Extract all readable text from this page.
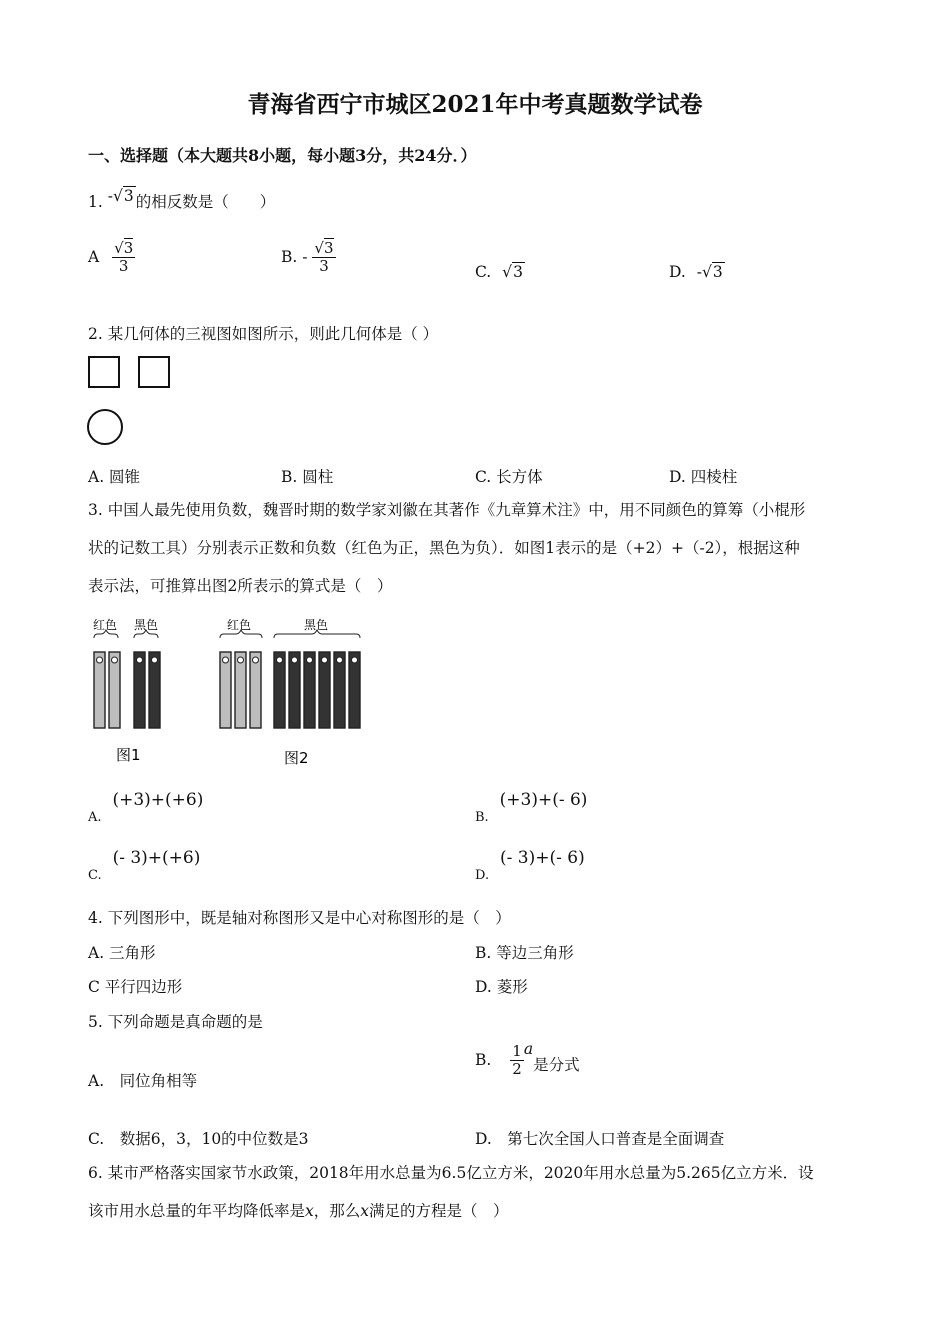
青海省西宁市城区2021年中考真题数学试卷
一、选择题（本大题共8小题，每小题3分，共24分．）
1. -√3 的相反数是（　　）
A $\frac{√3}{3}$	B. - $\frac{√3}{3}$	C. √3	D. -√3
2. 某几何体的三视图如图所示，则此几何体是（ ）
A. 圆锥	B. 圆柱	C. 长方体	D. 四棱柱
3. 中国人最先使用负数，魏晋时期的数学家刘徽在其著作《九章算术注》中，用不同颜色的算筹（小棍形
状的记数工具）分别表示正数和负数（红色为正，黑色为负）．如图1表示的是（+2）+（-2），根据这种
表示法，可推算出图2所表示的算式是（　）
红色 黑色
图1
红色	黑色
图2
$_{A.}$ (+3)+(+6)
$_{B.}$ (+3)+(- 6)
$_{C.}$ (- 3)+(+6)
$_{D.}$ (- 3)+(- 6)
4. 下列图形中，既是轴对称图形又是中心对称图形的是（　）
A. 三角形	B. 等边三角形
C 平行四边形	D. 菱形
5. 下列命题是真命题的是
A.　同位角相等
B. $\frac{1}{2}$ a是分式
C.　数据6，3，10的中位数是3	D.　第七次全国人口普查是全面调查
6. 某市严格落实国家节水政策，2018年用水总量为6.5亿立方米，2020年用水总量为5.265亿立方米．设
该市用水总量的年平均降低率是x，那么x满足的方程是（　）
